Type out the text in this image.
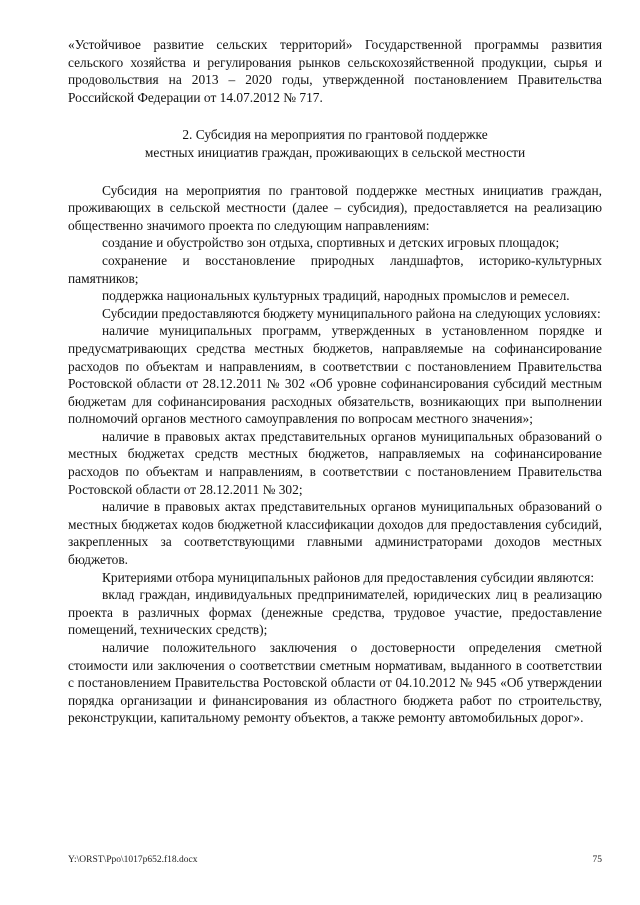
«Устойчивое развитие сельских территорий» Государственной программы развития сельского хозяйства и регулирования рынков сельскохозяйственной продукции, сырья и продовольствия на 2013 – 2020 годы, утвержденной постановлением Правительства Российской Федерации от 14.07.2012 № 717.

2. Субсидия на мероприятия по грантовой поддержке
местных инициатив граждан, проживающих в сельской местности

Субсидия на мероприятия по грантовой поддержке местных инициатив граждан, проживающих в сельской местности (далее – субсидия), предоставляется на реализацию общественно значимого проекта по следующим направлениям:

создание и обустройство зон отдыха, спортивных и детских игровых площадок;

сохранение и восстановление природных ландшафтов, историко-культурных памятников;

поддержка национальных культурных традиций, народных промыслов и ремесел.

Субсидии предоставляются бюджету муниципального района на следующих условиях:

наличие муниципальных программ, утвержденных в установленном порядке и предусматривающих средства местных бюджетов, направляемые на софинансирование расходов по объектам и направлениям, в соответствии с постановлением Правительства Ростовской области от 28.12.2011 № 302 «Об уровне софинансирования субсидий местным бюджетам для софинансирования расходных обязательств, возникающих при выполнении полномочий органов местного самоуправления по вопросам местного значения»;

наличие в правовых актах представительных органов муниципальных образований о местных бюджетах средств местных бюджетов, направляемых на софинансирование расходов по объектам и направлениям, в соответствии с постановлением Правительства Ростовской области от 28.12.2011 № 302;

наличие в правовых актах представительных органов муниципальных образований о местных бюджетах кодов бюджетной классификации доходов для предоставления субсидий, закрепленных за соответствующими главными администраторами доходов местных бюджетов.

Критериями отбора муниципальных районов для предоставления субсидии являются:

вклад граждан, индивидуальных предпринимателей, юридических лиц в реализацию проекта в различных формах (денежные средства, трудовое участие, предоставление помещений, технических средств);

наличие положительного заключения о достоверности определения сметной стоимости или заключения о соответствии сметным нормативам, выданного в соответствии с постановлением Правительства Ростовской области от 04.10.2012 № 945 «Об утверждении порядка организации и финансирования из областного бюджета работ по строительству, реконструкции, капитальному ремонту объектов, а также ремонту автомобильных дорог».

Y:\ORST\Ppo\1017p652.f18.docx	75
